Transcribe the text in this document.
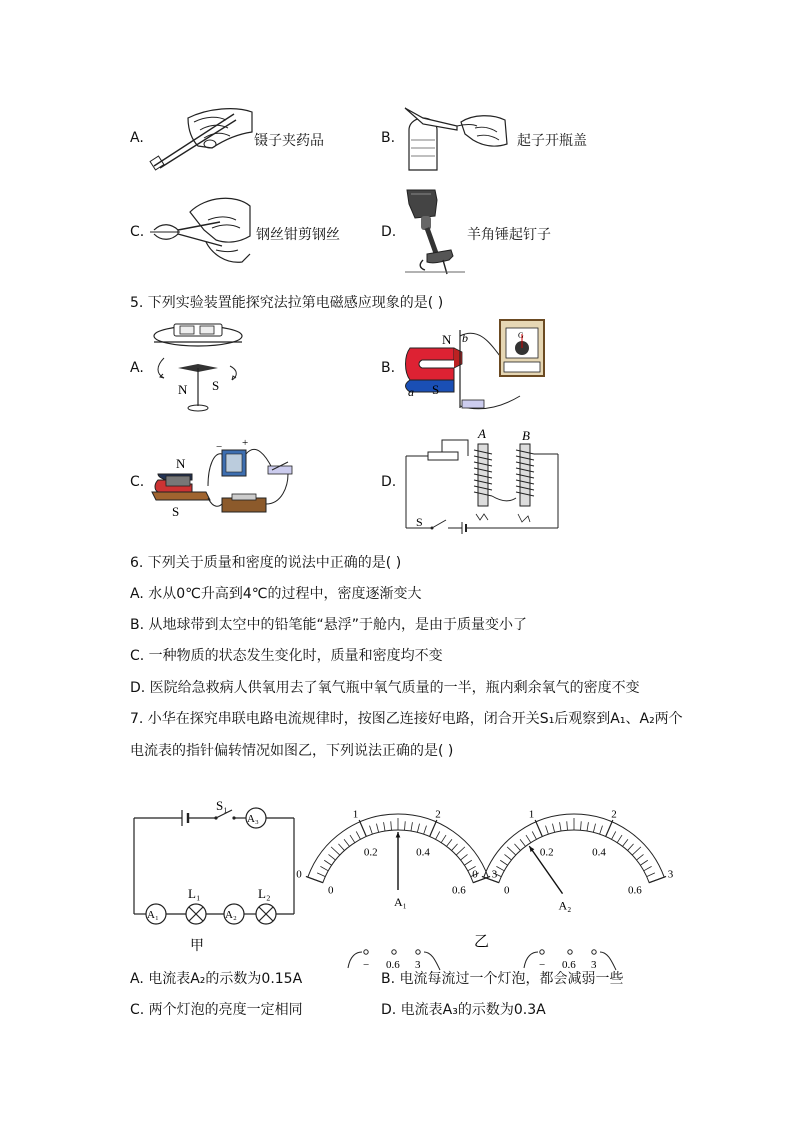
A.	镊子夹药品	B.	起子开瓶盖
C.	钢丝钳剪钢丝	D.	羊角锤起钉子
5. 下列实验装置能探究法拉第电磁感应现象的是( )
A.
N S
B.
N
S
b
a
G
C.
N
S
− +
D.
A	B
S
6. 下列关于质量和密度的说法中正确的是( )
A. 水从0℃升高到4℃的过程中，密度逐渐变大
B. 从地球带到太空中的铅笔能“悬浮”于舱内，是由于质量变小了
C. 一种物质的状态发生变化时，质量和密度均不变
D. 医院给急救病人供氧用去了氧气瓶中氧气质量的一半，瓶内剩余氧气的密度不变
7. 小华在探究串联电路电流规律时，按图乙连接好电路，闭合开关S₁后观察到A₁、A₂两个
电流表的指针偏转情况如图乙，下列说法正确的是( )
S₁
A₃
A₁	A₂
L₁	L₂
甲
0
1	2
3
0
0.2	0.4
0.6
A₁
− 0.6 3
0
1	2
3
0
0.2	0.4
0.6
A₂
− 0.6 3
乙
A. 电流表A₂的示数为0.15A	B. 电流每流过一个灯泡，都会减弱一些
C. 两个灯泡的亮度一定相同	D. 电流表A₃的示数为0.3A
